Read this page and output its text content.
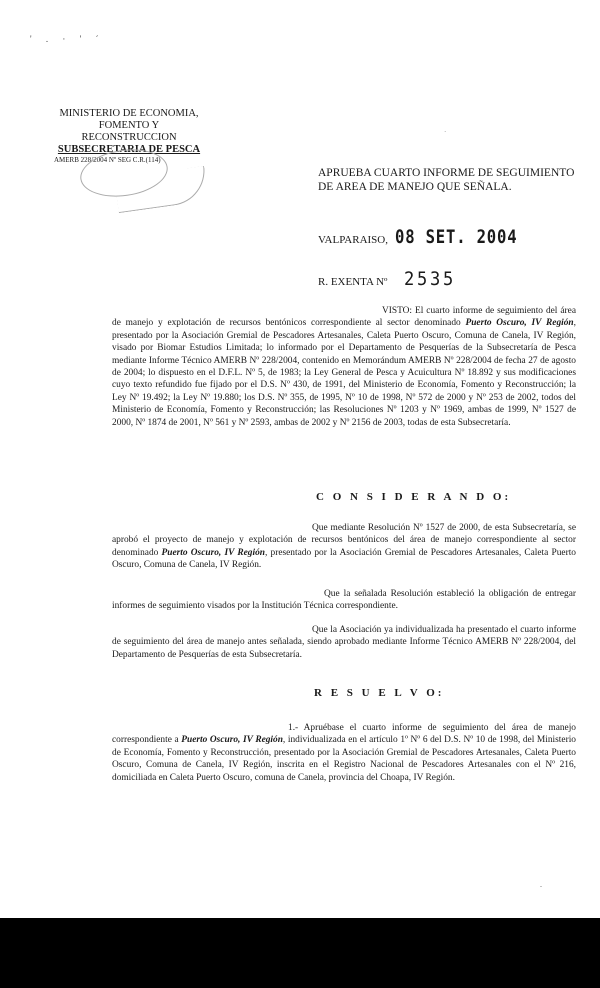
' . · ' ´
·
MINISTERIO DE ECONOMIA,
FOMENTO Y RECONSTRUCCION
SUBSECRETARIA DE PESCA
AMERB 228/2004 Nº SEG C.R.(114)
APRUEBA CUARTO INFORME DE SEGUIMIENTO DE AREA DE MANEJO QUE SEÑALA.
VALPARAISO, 08 SET. 2004
R. EXENTA Nº 2535
VISTO: El cuarto informe de seguimiento del área de manejo y explotación de recursos bentónicos correspondiente al sector denominado Puerto Oscuro, IV Región, presentado por la Asociación Gremial de Pescadores Artesanales, Caleta Puerto Oscuro, Comuna de Canela, IV Región, visado por Biomar Estudios Limitada; lo informado por el Departamento de Pesquerías de la Subsecretaría de Pesca mediante Informe Técnico AMERB Nº 228/2004, contenido en Memorándum AMERB Nº 228/2004 de fecha 27 de agosto de 2004; lo dispuesto en el D.F.L. Nº 5, de 1983; la Ley General de Pesca y Acuicultura Nº 18.892 y sus modificaciones cuyo texto refundido fue fijado por el D.S. Nº 430, de 1991, del Ministerio de Economía, Fomento y Reconstrucción; la Ley Nº 19.492; la Ley Nº 19.880; los D.S. Nº 355, de 1995, Nº 10 de 1998, Nº 572 de 2000 y Nº 253 de 2002, todos del Ministerio de Economía, Fomento y Reconstrucción; las Resoluciones Nº 1203 y Nº 1969, ambas de 1999, Nº 1527 de 2000, Nº 1874 de 2001, Nº 561 y Nº 2593, ambas de 2002 y Nº 2156 de 2003, todas de esta Subsecretaría.
C O N S I D E R A N D O:
Que mediante Resolución Nº 1527 de 2000, de esta Subsecretaría, se aprobó el proyecto de manejo y explotación de recursos bentónicos del área de manejo correspondiente al sector denominado Puerto Oscuro, IV Región, presentado por la Asociación Gremial de Pescadores Artesanales, Caleta Puerto Oscuro, Comuna de Canela, IV Región.
Que la señalada Resolución estableció la obligación de entregar informes de seguimiento visados por la Institución Técnica correspondiente.
Que la Asociación ya individualizada ha presentado el cuarto informe de seguimiento del área de manejo antes señalada, siendo aprobado mediante Informe Técnico AMERB Nº 228/2004, del Departamento de Pesquerías de esta Subsecretaría.
R E S U E L V O:
1.- Apruébase el cuarto informe de seguimiento del área de manejo correspondiente a Puerto Oscuro, IV Región, individualizada en el artículo 1º Nº 6 del D.S. Nº 10 de 1998, del Ministerio de Economía, Fomento y Reconstrucción, presentado por la Asociación Gremial de Pescadores Artesanales, Caleta Puerto Oscuro, Comuna de Canela, IV Región, inscrita en el Registro Nacional de Pescadores Artesanales con el Nº 216, domiciliada en Caleta Puerto Oscuro, comuna de Canela, provincia del Choapa, IV Región.
.
